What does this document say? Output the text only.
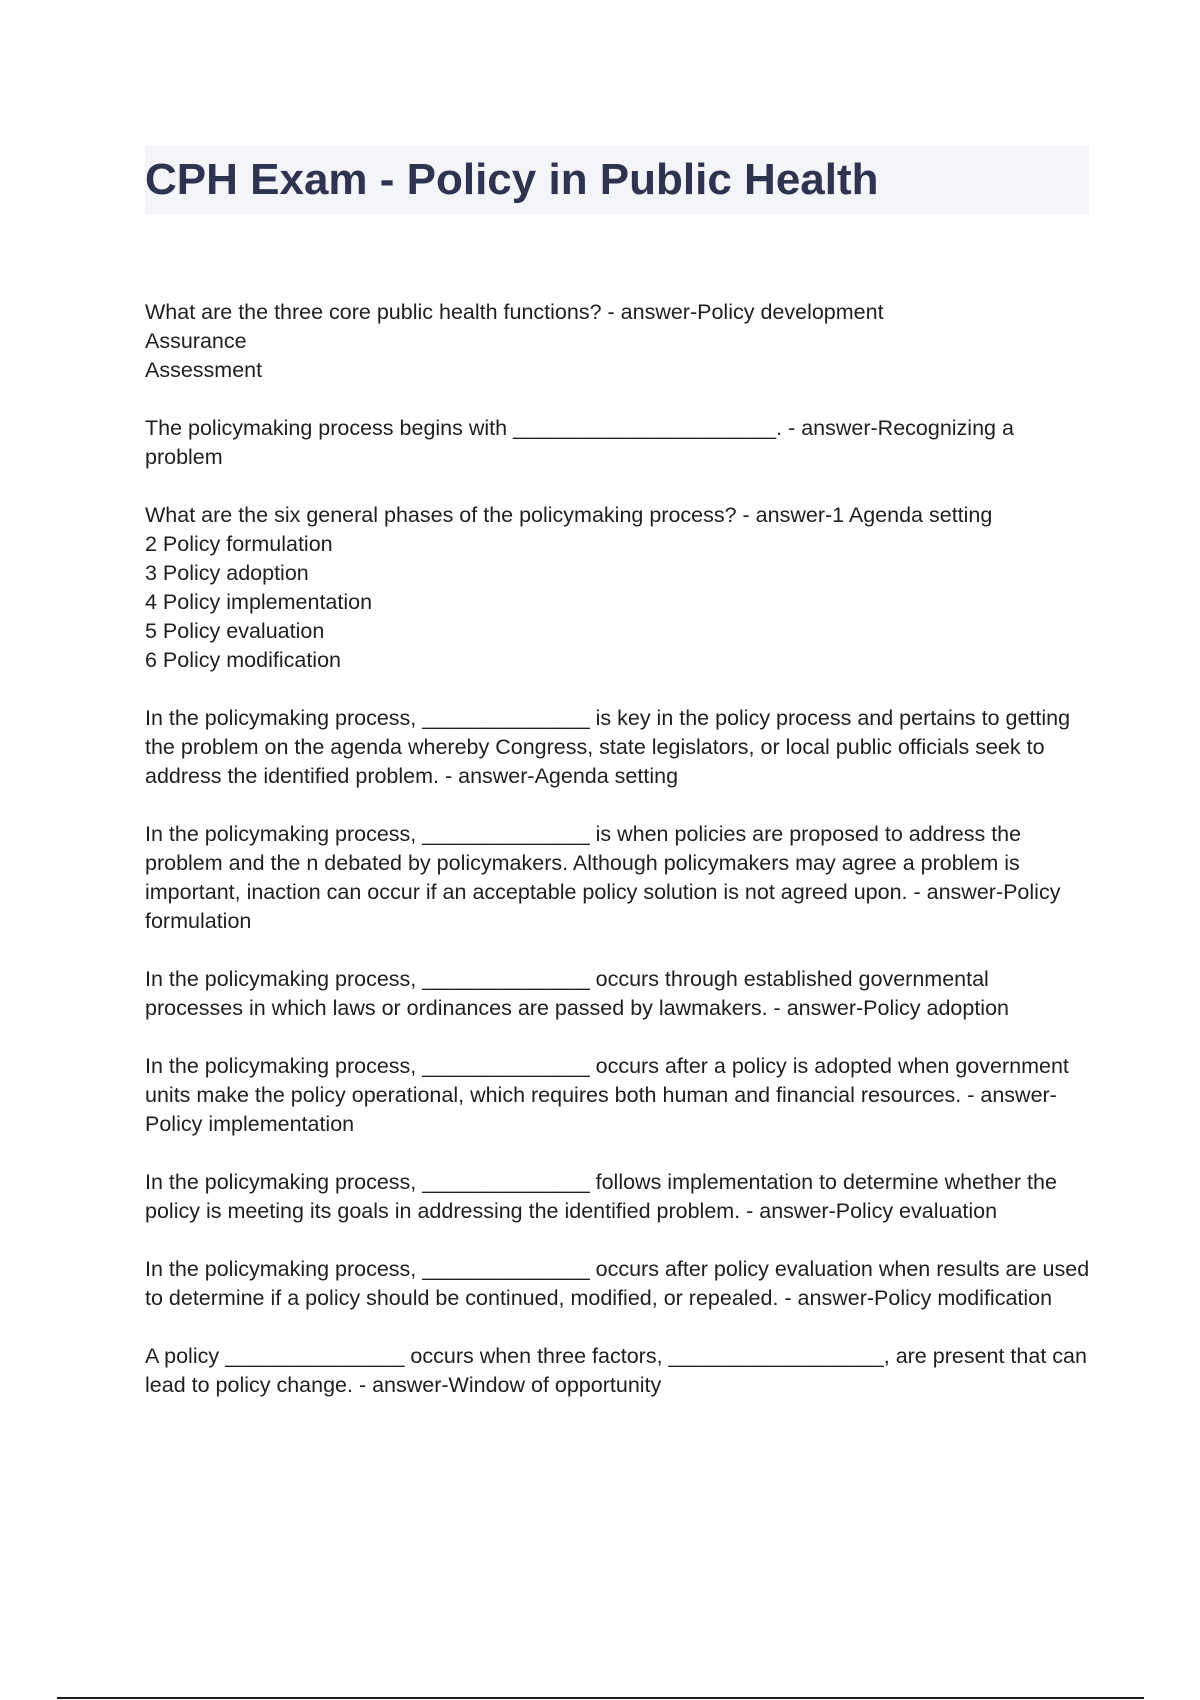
CPH Exam - Policy in Public Health

What are the three core public health functions? - answer-Policy development
Assurance
Assessment

The policymaking process begins with ______________________. - answer-Recognizing a problem

What are the six general phases of the policymaking process? - answer-1 Agenda setting
2 Policy formulation
3 Policy adoption
4 Policy implementation
5 Policy evaluation
6 Policy modification

In the policymaking process, ______________ is key in the policy process and pertains to getting the problem on the agenda whereby Congress, state legislators, or local public officials seek to address the identified problem. - answer-Agenda setting

In the policymaking process, ______________ is when policies are proposed to address the problem and the n debated by policymakers. Although policymakers may agree a problem is important, inaction can occur if an acceptable policy solution is not agreed upon. - answer-Policy formulation

In the policymaking process, ______________ occurs through established governmental processes in which laws or ordinances are passed by lawmakers. - answer-Policy adoption

In the policymaking process, ______________ occurs after a policy is adopted when government units make the policy operational, which requires both human and financial resources. - answer-Policy implementation

In the policymaking process, ______________ follows implementation to determine whether the policy is meeting its goals in addressing the identified problem. - answer-Policy evaluation

In the policymaking process, ______________ occurs after policy evaluation when results are used to determine if a policy should be continued, modified, or repealed. - answer-Policy modification

A policy _______________ occurs when three factors, __________________, are present that can lead to policy change. - answer-Window of opportunity
